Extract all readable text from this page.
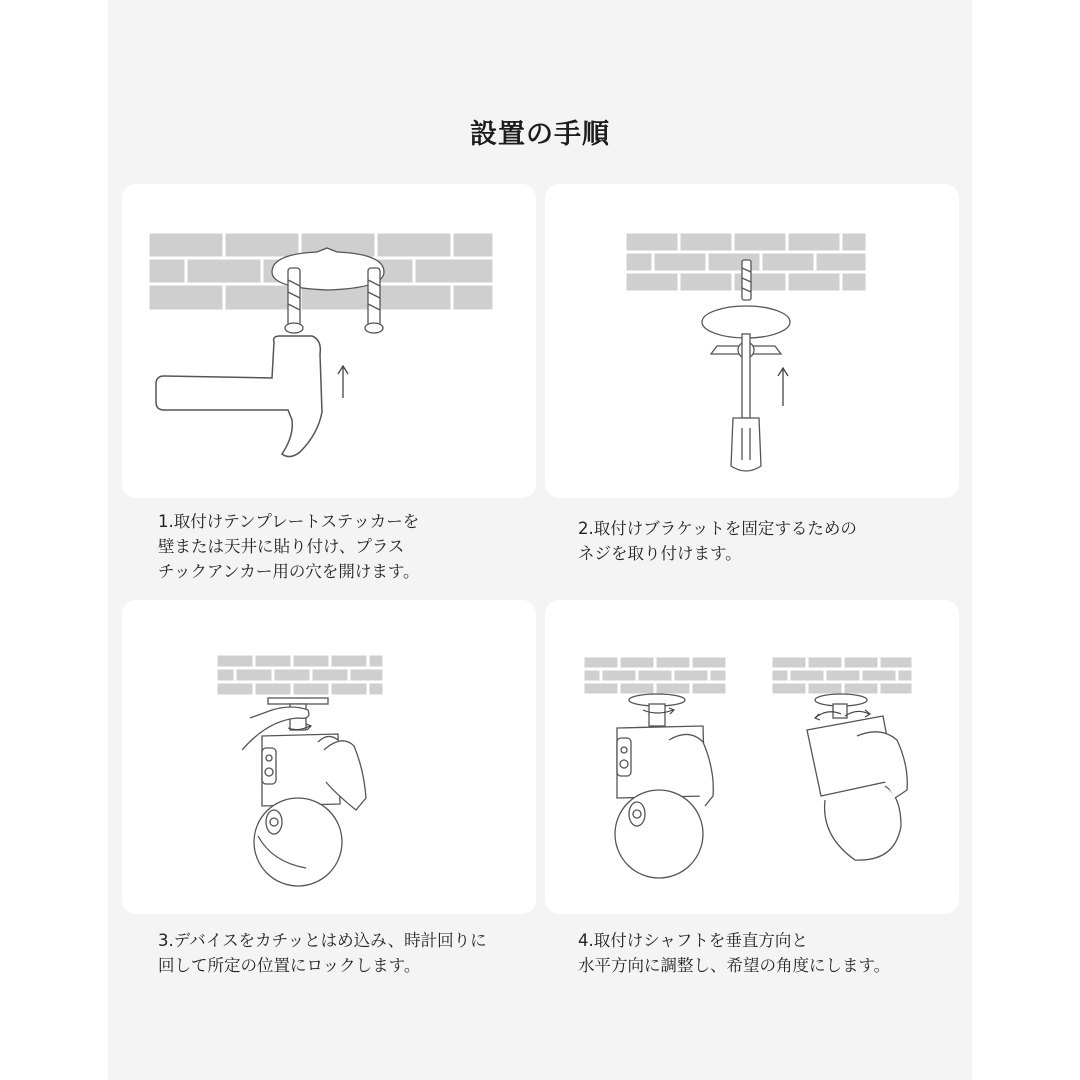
設置の手順
1.取付けテンプレートステッカーを
壁または天井に貼り付け、プラス
チックアンカー用の穴を開けます。
2.取付けブラケットを固定するための
ネジを取り付けます。
3.デバイスをカチッとはめ込み、時計回りに
回して所定の位置にロックします。
4.取付けシャフトを垂直方向と
水平方向に調整し、希望の角度にします。
